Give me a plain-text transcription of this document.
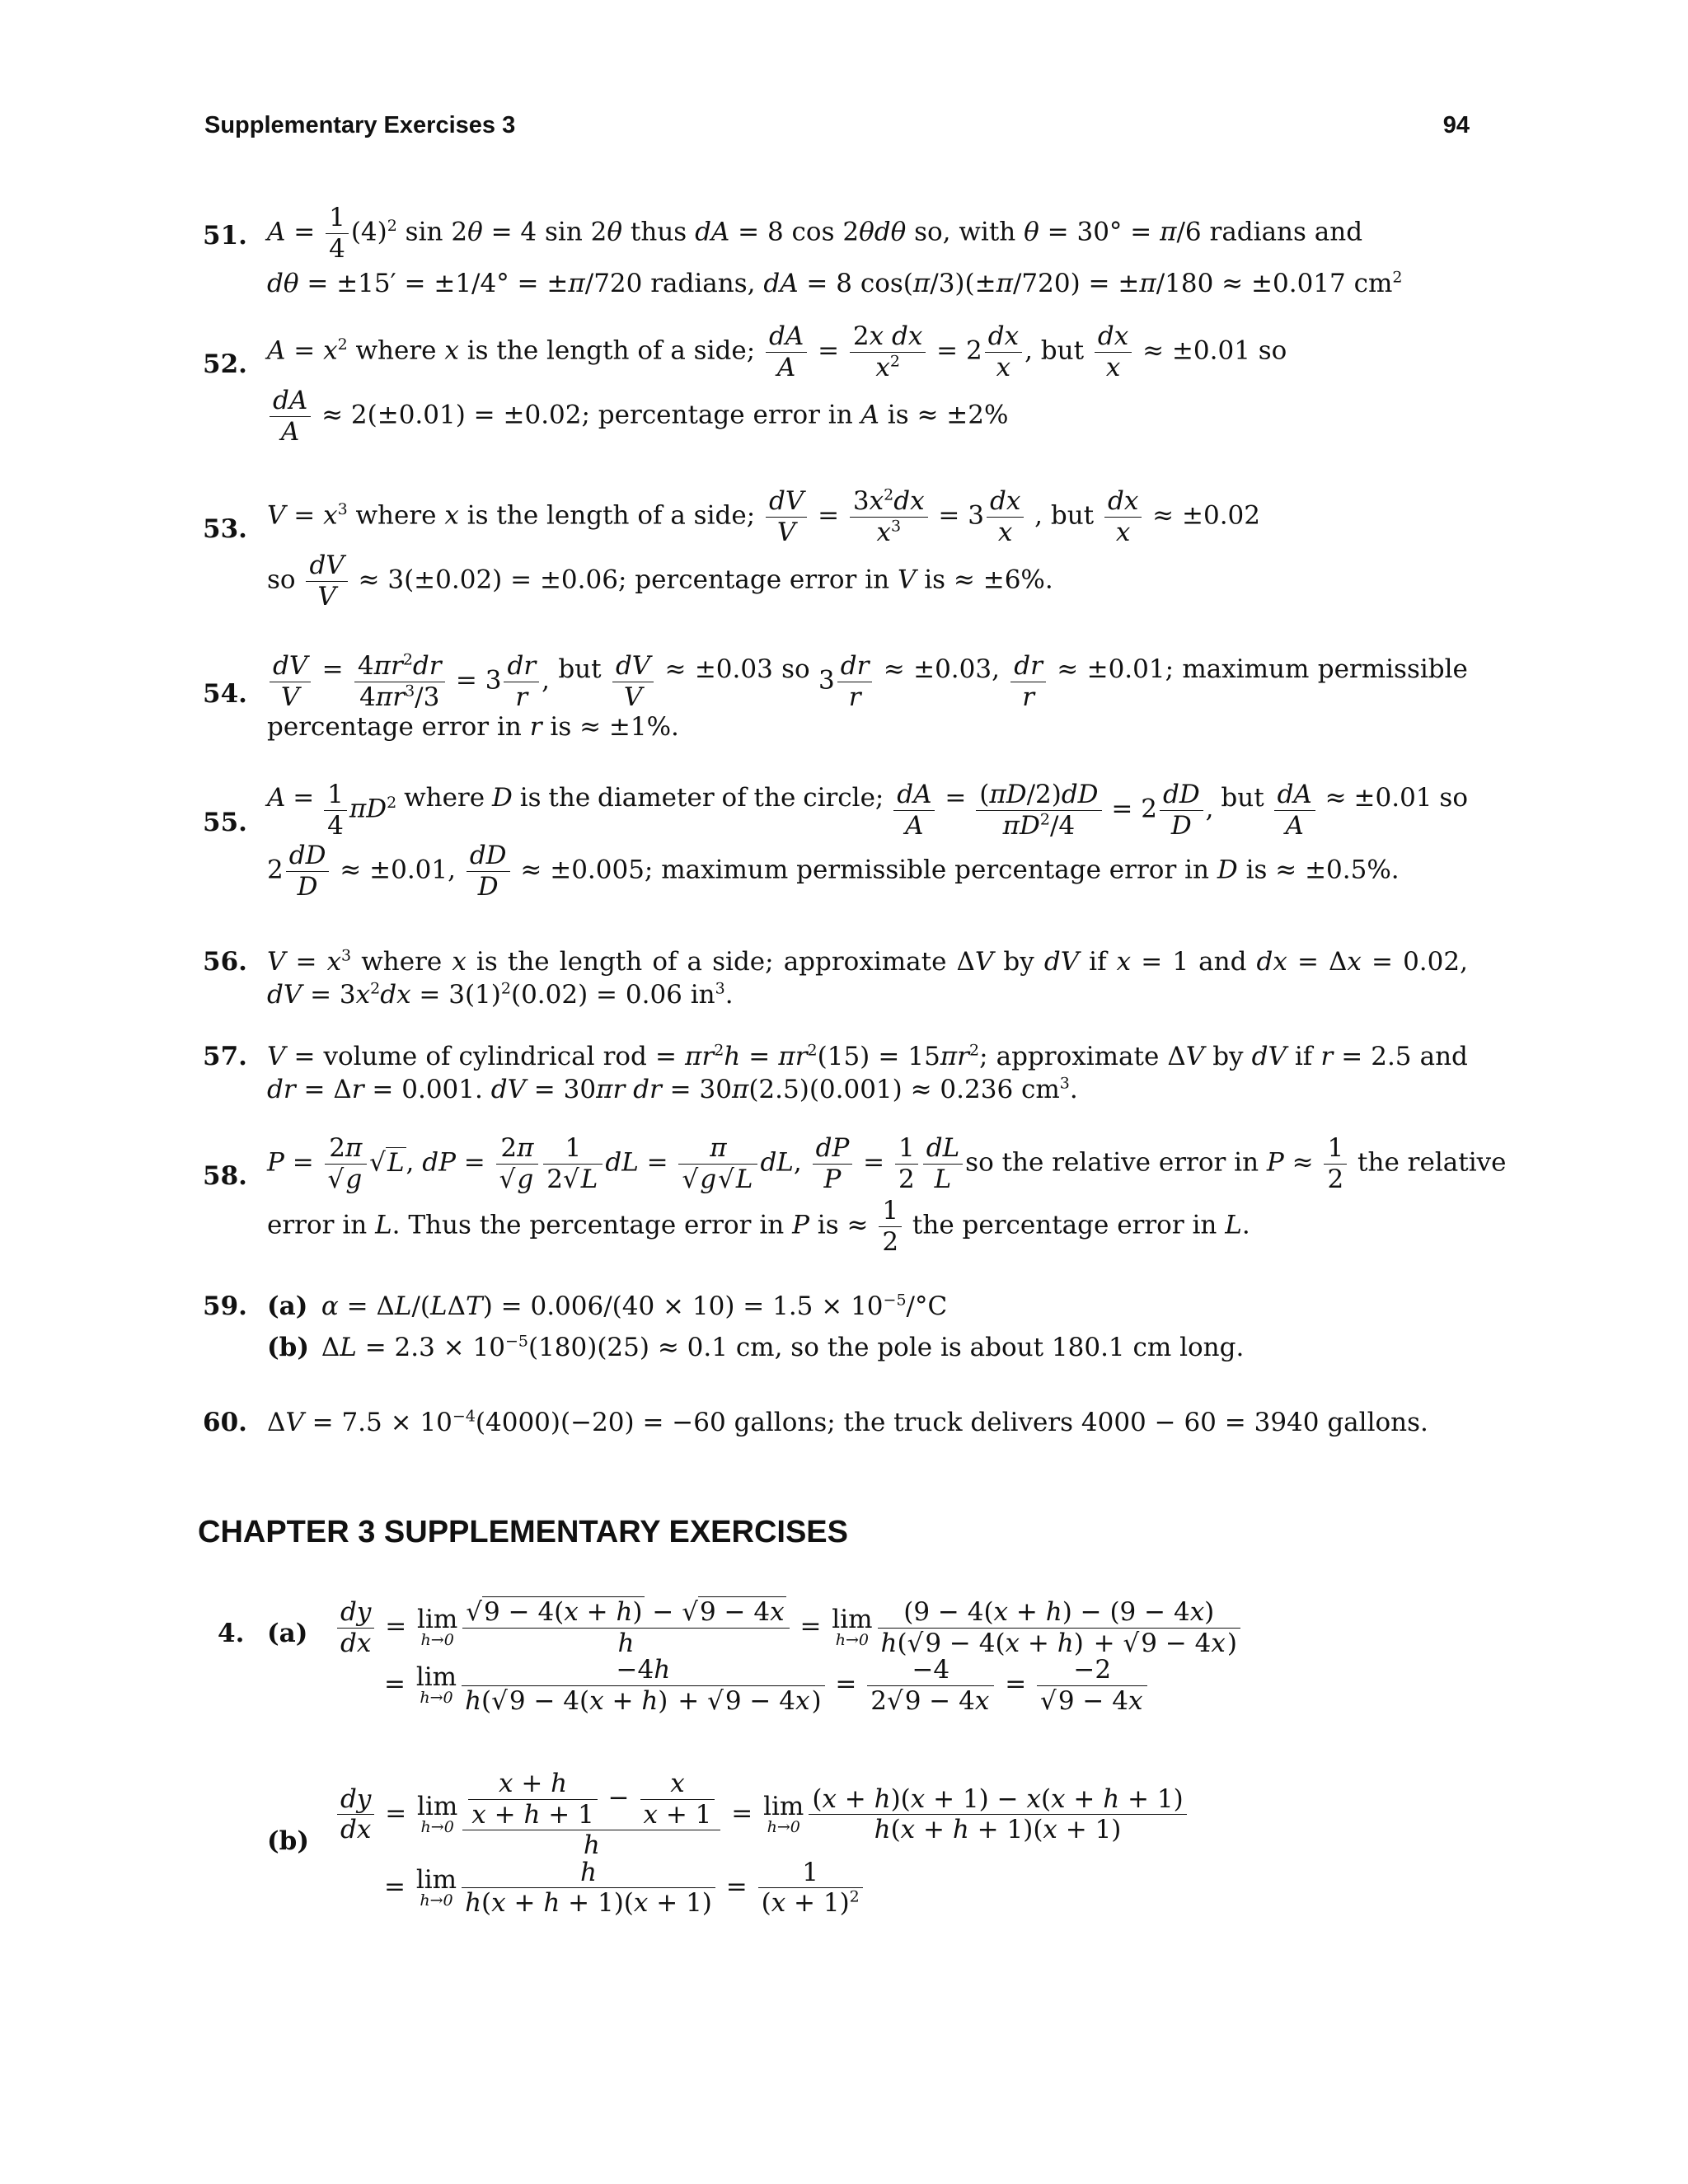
Supplementary Exercises 3	94
51. $A = \frac{1}{4} (4)^2$ sin 2θ = 4 sin 2θ thus dA = 8 cos 2θdθ so, with θ = 30° = π/6 radians and
dθ = ±15′ = ±1/4° = ±π/720 radians, dA = 8 cos(π/3)(±π/720) = ±π/180 ≈ ±0.017 $cm^2$
52. $A = x^2$ where x is the length of a side; $\frac{dA}{A} = \frac{\text{2x dx}}{x^2} = 2 \frac{dx}{x}$ , but $\frac{dx}{x} \approx \pm 0.01$ so
$\frac{dA}{A} \approx 2(\pm 0.01) = \pm 0.02$; percentage error in A is ≈ ±2%
53. $V = x^3$ where x is the length of a side; $\frac{dV}{V} = \frac{3x^2dx}{x^3} = 3 \frac{dx}{x}$ , but $\frac{dx}{x} \approx \pm 0.02$
so $\frac{dV}{V} \approx 3(\pm 0.02) = \pm 0.06$; percentage error in V is ≈ ±6%.
54. $\frac{dV}{V} = \frac{4\pi r^2dr}{4\pi r^3/3} = 3 \frac{dr}{r}$ , but $\frac{dV}{V} \approx \pm 0.03$ so $3 \frac{dr}{r} \approx \pm 0.03$, $\frac{dr}{r} \approx \pm 0.01$; maximum permissible
percentage error in r is ≈ ±1%.
55.
$A = \frac{1}{4} \pi D^2$ where D is the diameter of the circle; $\frac{dA}{A} = \frac{(\pi D/2)dD}{\pi D^2/4} = 2 \frac{dD}{D}$ , but $\frac{dA}{A} \approx \pm 0.01$ so
$2 \frac{dD}{D} \approx \pm 0.01$, $\frac{dD}{D} \approx \pm 0.005$; maximum permissible percentage error in D is ≈ ±0.5%.
56. $V = x^3$ where x is the length of a side; approximate ΔV by dV if x = 1 and dx = Δx = 0.02,
dV = $3x^2dx = 3(1)^2(0.02) = 0.06$ $in^3$.
57. V = volume of cylindrical rod = $\pi r^2h = \pi r^2(15) = 15\pi r^2$; approximate ΔV by dV if r = 2.5 and
dr = Δr = 0.001. dV = 30πr dr = 30π(2.5)(0.001) ≈ 0.236 $cm^3$.
58. $P = \frac{2\pi}{√g} √L$, dP = $\frac{2\pi}{√g} \frac{1}{2√L}$ dL = $\frac{\pi}{√g√L}$ dL, $\frac{dP}{P} = \frac{1}{2} \frac{dL}{L}$ so the relative error in $P \approx \frac{1}{2}$ the relative
error in L. Thus the percentage error in P is ≈ $\frac{1}{2}$ the percentage error in L.
59. (a) $\alpha = \Delta L/(L\Delta T) = 0.006/(40 \times 10) = 1.5 \times 10^{-5}/^\circ C$
(b) $\Delta L = 2.3 \times 10^{-5}(180)(25) \approx 0.1$ cm, so the pole is about 180.1 cm long.
60. $\Delta V = 7.5 \times 10^{-4}(4000)(-20) = -60$ gallons; the truck delivers 4000 − 60 = 3940 gallons.
CHAPTER 3 SUPPLEMENTARY EXERCISES
4. $(a) \frac{dy}{dx} = \lim$
$h\to 0 \frac{√9 - 4(x + h) - √9 - 4x}{h} = \lim$
$h\to 0 \frac{(9 - 4(x + h) - (9 - 4x)}{h(√9 - 4(x + h) + √9 - 4x)}$
= lim
$h\to 0 \frac{-4h}{h(√9 - 4(x + h) + √9 - 4x)} = \frac{-4}{2√9 - 4x} = \frac{-2}{√9 - 4x}$
$(b) \frac{dy}{dx} = \lim$
$h\to 0 \frac{\frac{x + h}{x + h + 1} - \frac{x}{x + 1}}{h} = \lim$
$h\to 0 \frac{(x + h)(x + 1) - x(x + h + 1)}{h(x + h + 1)(x + 1)}$
= lim
$h\to 0 \frac{h}{h(x + h + 1)(x + 1)} = \frac{1}{(x + 1)^2}$
